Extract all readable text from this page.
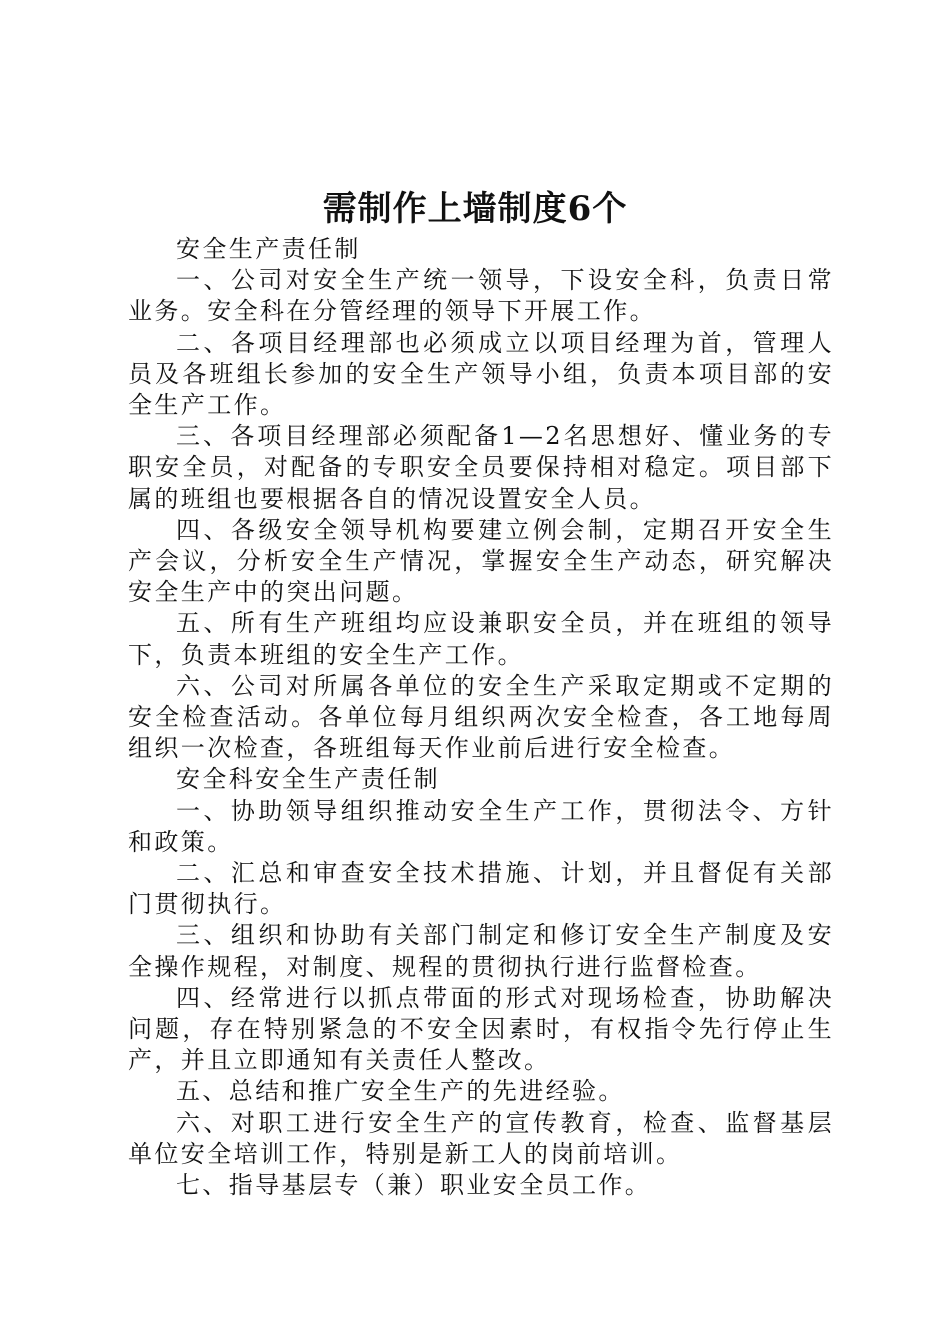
需制作上墙制度6个

安全生产责任制

一、公司对安全生产统一领导，下设安全科，负责日常业务。安全科在分管经理的领导下开展工作。

二、各项目经理部也必须成立以项目经理为首，管理人员及各班组长参加的安全生产领导小组，负责本项目部的安全生产工作。

三、各项目经理部必须配备1—2名思想好、懂业务的专职安全员，对配备的专职安全员要保持相对稳定。项目部下属的班组也要根据各自的情况设置安全人员。

四、各级安全领导机构要建立例会制，定期召开安全生产会议，分析安全生产情况，掌握安全生产动态，研究解决安全生产中的突出问题。

五、所有生产班组均应设兼职安全员，并在班组的领导下，负责本班组的安全生产工作。

六、公司对所属各单位的安全生产采取定期或不定期的安全检查活动。各单位每月组织两次安全检查，各工地每周组织一次检查，各班组每天作业前后进行安全检查。

安全科安全生产责任制

一、协助领导组织推动安全生产工作，贯彻法令、方针和政策。

二、汇总和审查安全技术措施、计划，并且督促有关部门贯彻执行。

三、组织和协助有关部门制定和修订安全生产制度及安全操作规程，对制度、规程的贯彻执行进行监督检查。

四、经常进行以抓点带面的形式对现场检查，协助解决问题，存在特别紧急的不安全因素时，有权指令先行停止生产，并且立即通知有关责任人整改。

五、总结和推广安全生产的先进经验。

六、对职工进行安全生产的宣传教育，检查、监督基层单位安全培训工作，特别是新工人的岗前培训。

七、指导基层专（兼）职业安全员工作。
